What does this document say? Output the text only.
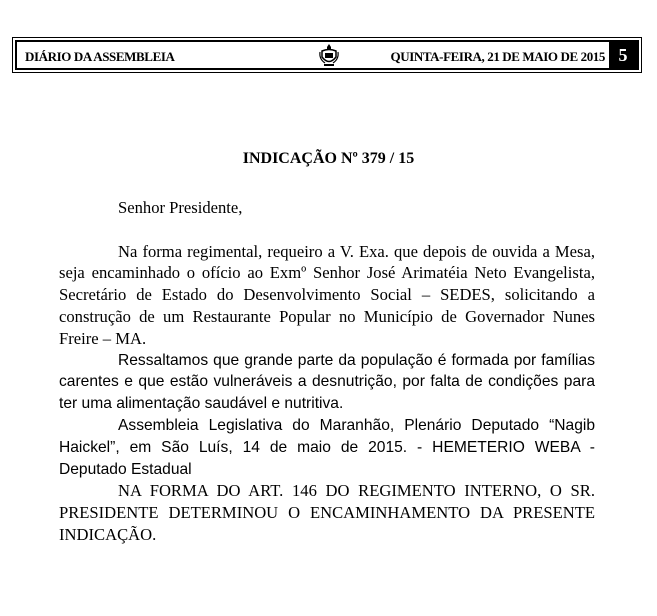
DIÁRIO DA ASSEMBLEIA	QUINTA-FEIRA, 21 DE MAIO DE 2015 5
INDICAÇÃO Nº 379 / 15

Senhor Presidente,

Na forma regimental, requeiro a V. Exa. que depois de ouvida a Mesa, seja encaminhado o ofício ao Exmº Senhor José Arimatéia Neto Evangelista, Secretário de Estado do Desenvolvimento Social – SEDES, solicitando a construção de um Restaurante Popular no Município de Governador Nunes Freire – MA.

Ressaltamos que grande parte da população é formada por famílias carentes e que estão vulneráveis a desnutrição, por falta de condições para ter uma alimentação saudável e nutritiva.

Assembleia Legislativa do Maranhão, Plenário Deputado “Nagib Haickel”, em São Luís, 14 de maio de 2015. - HEMETERIO WEBA - Deputado Estadual

NA FORMA DO ART. 146 DO REGIMENTO INTERNO, O SR. PRESIDENTE DETERMINOU O ENCAMINHAMENTO DA PRESENTE INDICAÇÃO.
